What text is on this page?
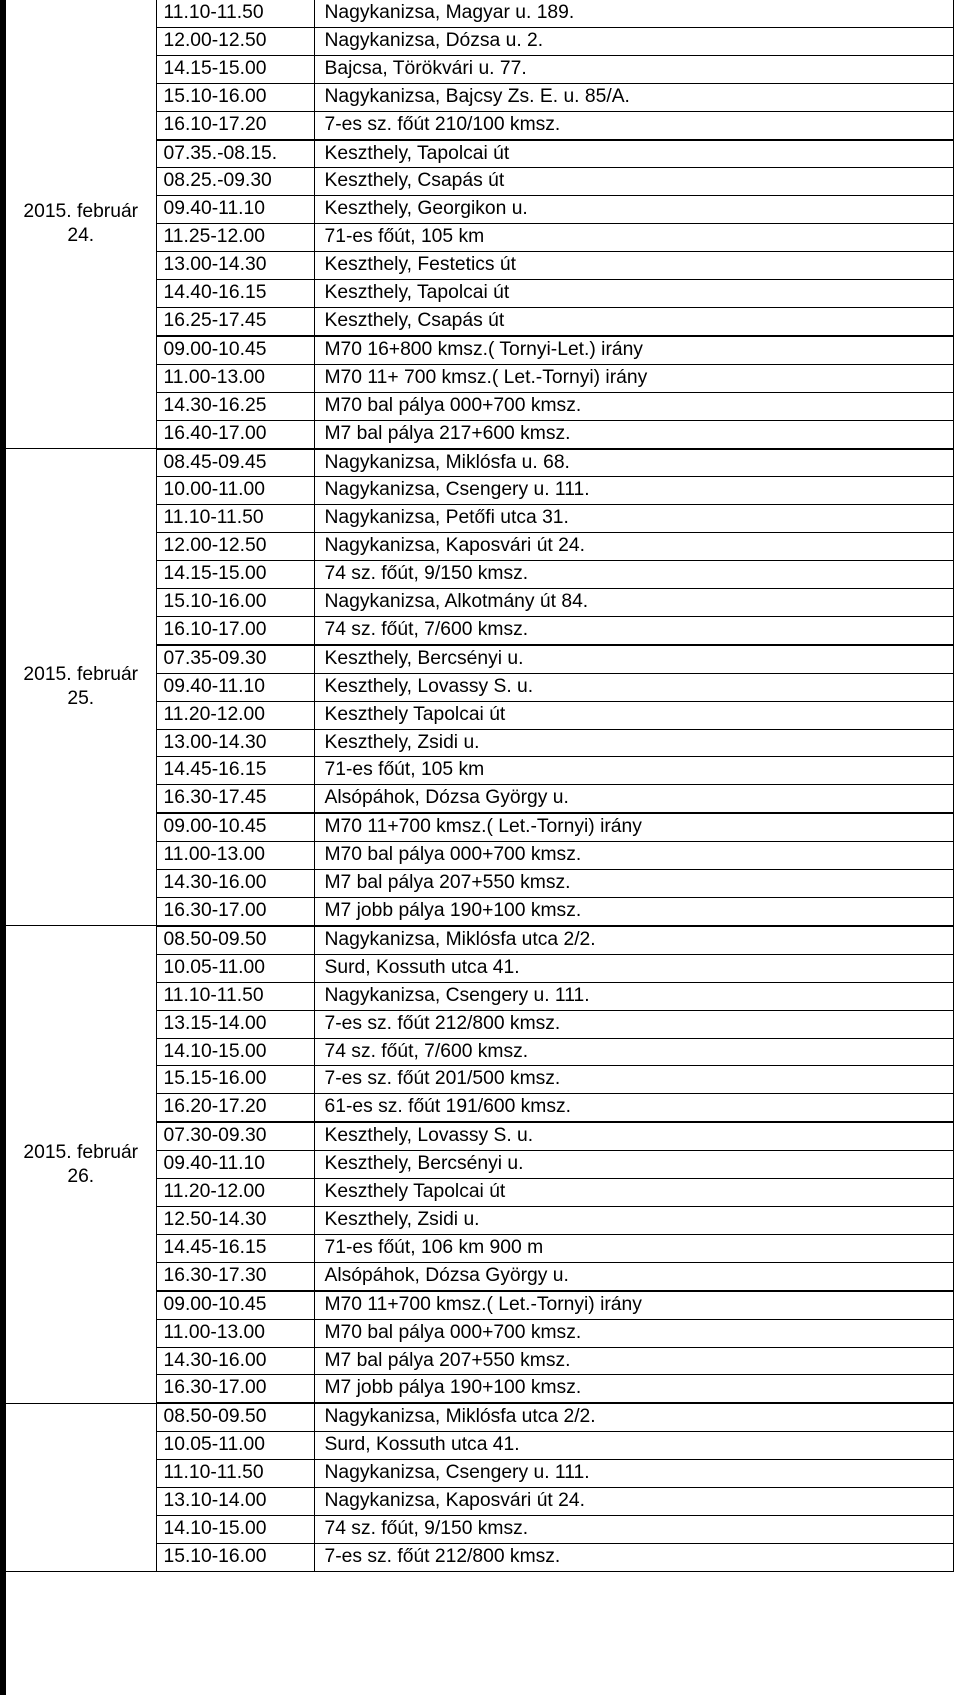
2015. február
24.	11.10-11.50	Nagykanizsa, Magyar u. 189.
	12.00-12.50	Nagykanizsa, Dózsa u. 2.
	14.15-15.00	Bajcsa, Törökvári u. 77.
	15.10-16.00	Nagykanizsa, Bajcsy Zs. E. u. 85/A.
	16.10-17.20	7-es sz. főút 210/100 kmsz.
	07.35.-08.15.	Keszthely, Tapolcai út
	08.25.-09.30	Keszthely, Csapás út
	09.40-11.10	Keszthely, Georgikon u.
	11.25-12.00	71-es főút, 105 km
	13.00-14.30	Keszthely, Festetics út
	14.40-16.15	Keszthely, Tapolcai út
	16.25-17.45	Keszthely, Csapás út
	09.00-10.45	M70 16+800 kmsz.( Tornyi-Let.) irány
	11.00-13.00	M70 11+ 700 kmsz.( Let.-Tornyi) irány
	14.30-16.25	M70 bal pálya 000+700 kmsz.
	16.40-17.00	M7 bal pálya 217+600 kmsz.

2015. február
25.	08.45-09.45	Nagykanizsa, Miklósfa u. 68.
	10.00-11.00	Nagykanizsa, Csengery u. 111.
	11.10-11.50	Nagykanizsa, Petőfi utca 31.
	12.00-12.50	Nagykanizsa, Kaposvári út 24.
	14.15-15.00	74 sz. főút, 9/150 kmsz.
	15.10-16.00	Nagykanizsa, Alkotmány út 84.
	16.10-17.00	74 sz. főút, 7/600 kmsz.
	07.35-09.30	Keszthely, Bercsényi u.
	09.40-11.10	Keszthely, Lovassy S. u.
	11.20-12.00	Keszthely Tapolcai út
	13.00-14.30	Keszthely, Zsidi u.
	14.45-16.15	71-es főút, 105 km
	16.30-17.45	Alsópáhok, Dózsa György u.
	09.00-10.45	M70 11+700 kmsz.( Let.-Tornyi) irány
	11.00-13.00	M70 bal pálya 000+700 kmsz.
	14.30-16.00	M7 bal pálya 207+550 kmsz.
	16.30-17.00	M7 jobb pálya 190+100 kmsz.

2015. február
26.	08.50-09.50	Nagykanizsa, Miklósfa utca 2/2.
	10.05-11.00	Surd, Kossuth utca 41.
	11.10-11.50	Nagykanizsa, Csengery u. 111.
	13.15-14.00	7-es sz. főút 212/800 kmsz.
	14.10-15.00	74 sz. főút, 7/600 kmsz.
	15.15-16.00	7-es sz. főút 201/500 kmsz.
	16.20-17.20	61-es sz. főút 191/600 kmsz.
	07.30-09.30	Keszthely, Lovassy S. u.
	09.40-11.10	Keszthely, Bercsényi u.
	11.20-12.00	Keszthely Tapolcai út
	12.50-14.30	Keszthely, Zsidi u.
	14.45-16.15	71-es főút, 106 km 900 m
	16.30-17.30	Alsópáhok, Dózsa György u.
	09.00-10.45	M70 11+700 kmsz.( Let.-Tornyi) irány
	11.00-13.00	M70 bal pálya 000+700 kmsz.
	14.30-16.00	M7 bal pálya 207+550 kmsz.
	16.30-17.00	M7 jobb pálya 190+100 kmsz.

	08.50-09.50	Nagykanizsa, Miklósfa utca 2/2.
	10.05-11.00	Surd, Kossuth utca 41.
	11.10-11.50	Nagykanizsa, Csengery u. 111.
	13.10-14.00	Nagykanizsa, Kaposvári út 24.
	14.10-15.00	74 sz. főút, 9/150 kmsz.
	15.10-16.00	7-es sz. főút 212/800 kmsz.
